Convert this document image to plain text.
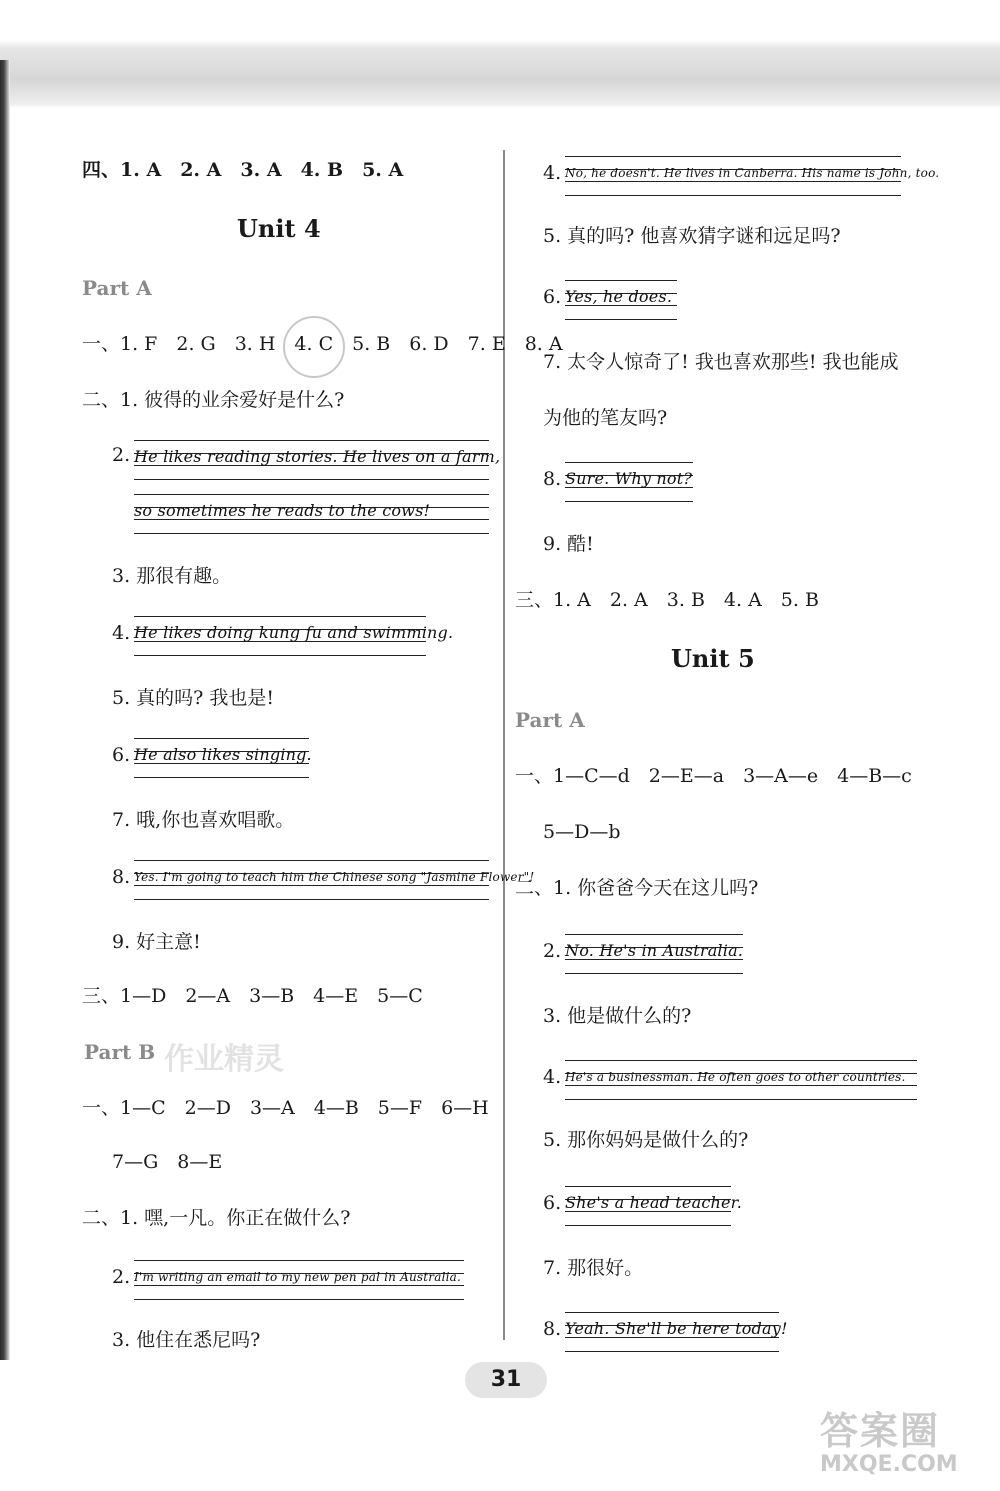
四、1. A　2. A　3. A　4. B　5. A
Unit 4
Part A
一、1. F　2. G　3. H　4. C　5. B　6. D　7. E　8. A
二、1. 彼得的业余爱好是什么?
2. He likes reading stories. He lives on a farm,
so sometimes he reads to the cows!
3. 那很有趣。
4. He likes doing kung fu and swimming.
5. 真的吗? 我也是!
6. He also likes singing.
7. 哦,你也喜欢唱歌。
8. Yes. I'm going to teach him the Chinese song "Jasmine Flower"!
9. 好主意!
三、1—D　2—A　3—B　4—E　5—C
Part B 作业精灵
一、1—C　2—D　3—A　4—B　5—F　6—H
7—G　8—E
二、1. 嘿,一凡。你正在做什么?
2. I'm writing an email to my new pen pal in Australia.
3. 他住在悉尼吗?
4. No, he doesn't. He lives in Canberra. His name is John, too.
5. 真的吗? 他喜欢猜字谜和远足吗?
6. Yes, he does.
7. 太令人惊奇了! 我也喜欢那些! 我也能成
为他的笔友吗?
8. Sure. Why not?
9. 酷!
三、1. A　2. A　3. B　4. A　5. B
Unit 5
Part A
一、1—C—d　2—E—a　3—A—e　4—B—c
5—D—b
二、1. 你爸爸今天在这儿吗?
2. No. He's in Australia.
3. 他是做什么的?
4. He's a businessman. He often goes to other countries.
5. 那你妈妈是做什么的?
6. She's a head teacher.
7. 那很好。
8. Yeah. She'll be here today!
31
答案圈
MXQE.COM
